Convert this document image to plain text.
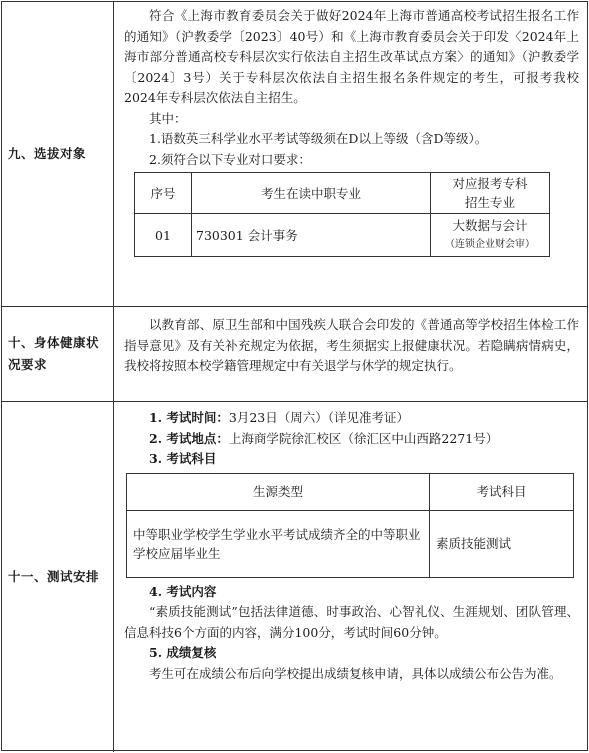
九、选拔对象

符合《上海市教育委员会关于做好2024年上海市普通高校考试招生报名工作的通知》（沪教委学〔2023〕40号）和《上海市教育委员会关于印发〈2024年上海市部分普通高校专科层次实行依法自主招生改革试点方案〉的通知》（沪教委学〔2024〕3号）关于专科层次依法自主招生报名条件规定的考生，可报考我校2024年专科层次依法自主招生。

其中：

1.语数英三科学业水平考试等级须在D以上等级（含D等级）。

2.须符合以下专业对口要求：

序号	考生在读中职专业	对应报考专科
招生专业

01	730301 会计事务	大数据与会计
（连锁企业财会审）
十、身体健康状
况要求

以教育部、原卫生部和中国残疾人联合会印发的《普通高等学校招生体检工作指导意见》及有关补充规定为依据，考生须据实上报健康状况。若隐瞒病情病史，我校将按照本校学籍管理规定中有关退学与休学的规定执行。

十一、测试安排

1. 考试时间：3月23日（周六）（详见准考证）

2. 考试地点：上海商学院徐汇校区（徐汇区中山西路2271号）

3. 考试科目

生源类型	考试科目
中等职业学校学生学业水平考试成绩齐全的中等职业学校应届毕业生	素质技能测试

4. 考试内容

“素质技能测试”包括法律道德、时事政治、心智礼仪、生涯规划、团队管理、信息科技6个方面的内容，满分100分，考试时间60分钟。

5. 成绩复核

考生可在成绩公布后向学校提出成绩复核申请，具体以成绩公布公告为准。
